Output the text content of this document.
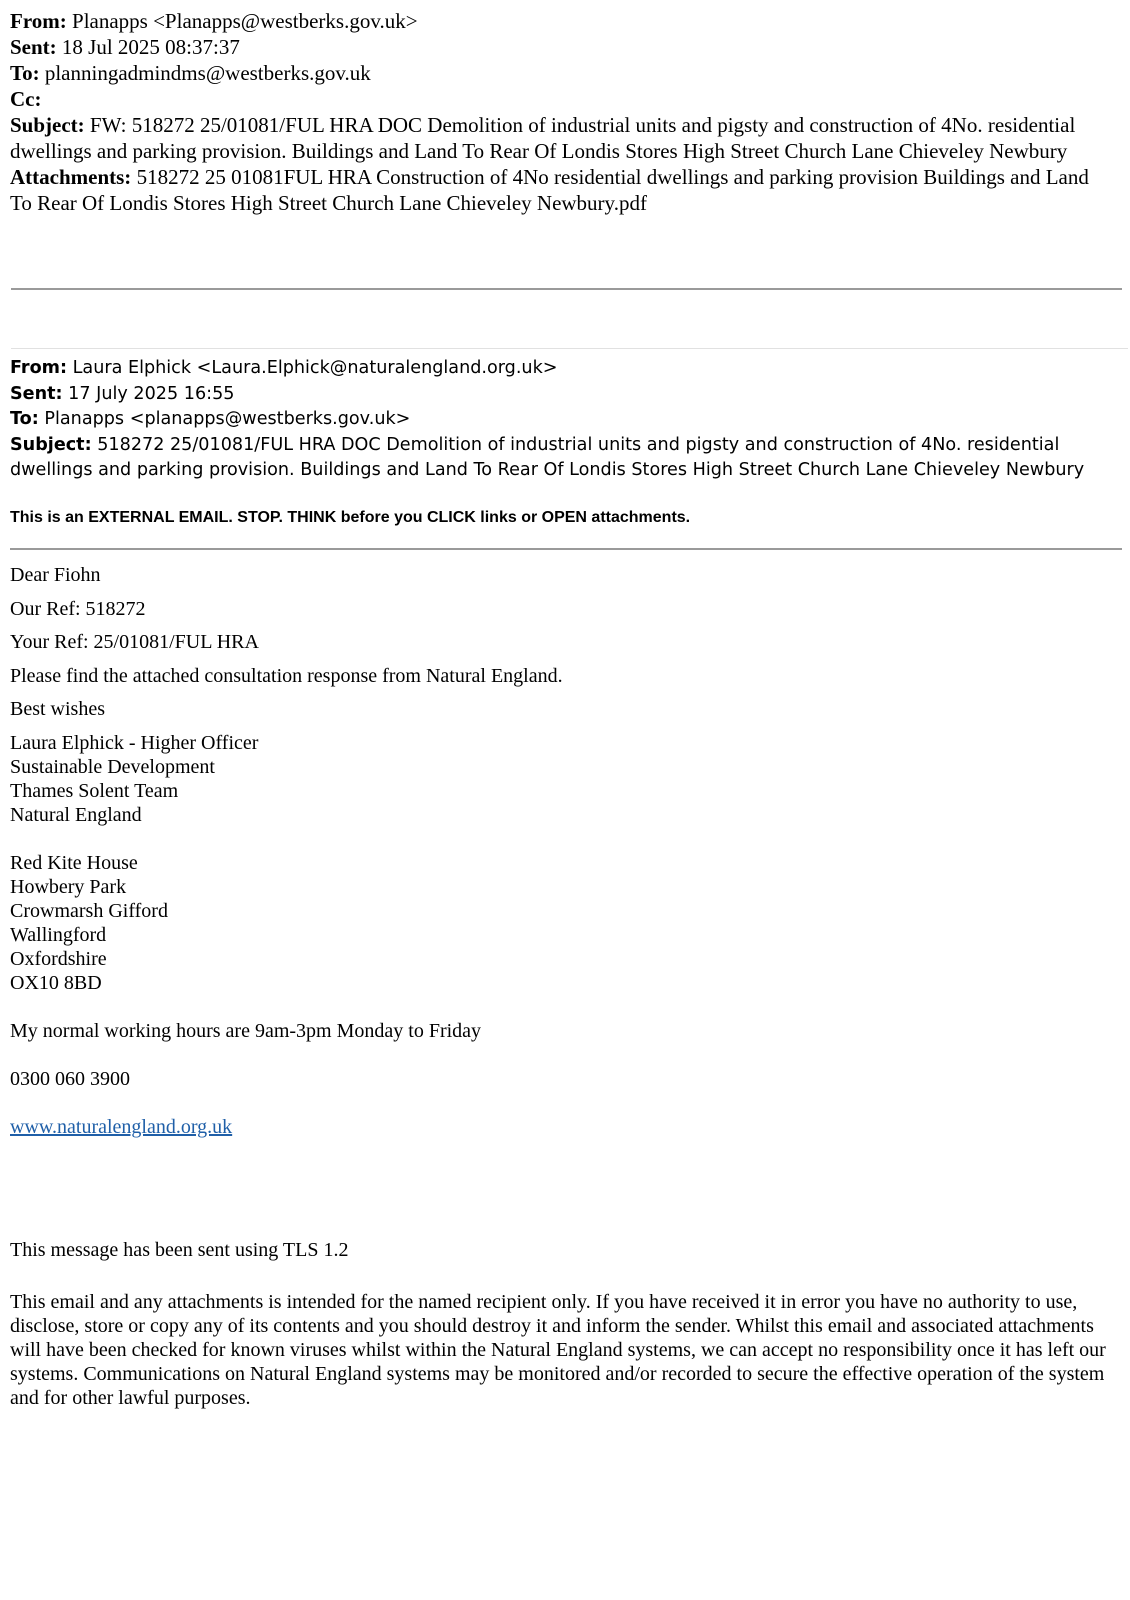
From: Planapps <Planapps@westberks.gov.uk>

Sent: 18 Jul 2025 08:37:37

To: planningadmindms@westberks.gov.uk

Cc:

Subject: FW: 518272 25/01081/FUL HRA DOC Demolition of industrial units and pigsty and construction of 4No. residential dwellings and parking provision. Buildings and Land To Rear Of Londis Stores High Street Church Lane Chieveley Newbury

Attachments: 518272 25 01081FUL HRA Construction of 4No residential dwellings and parking provision Buildings and Land To Rear Of Londis Stores High Street Church Lane Chieveley Newbury.pdf

From: Laura Elphick <Laura.Elphick@naturalengland.org.uk>

Sent: 17 July 2025 16:55

To: Planapps <planapps@westberks.gov.uk>

Subject: 518272 25/01081/FUL HRA DOC Demolition of industrial units and pigsty and construction of 4No. residential dwellings and parking provision. Buildings and Land To Rear Of Londis Stores High Street Church Lane Chieveley Newbury

This is an EXTERNAL EMAIL. STOP. THINK before you CLICK links or OPEN attachments.

Dear Fiohn

Our Ref: 518272

Your Ref: 25/01081/FUL HRA

Please find the attached consultation response from Natural England.

Best wishes

Laura Elphick - Higher Officer
Sustainable Development
Thames Solent Team
Natural England
Red Kite House
Howbery Park
Crowmarsh Gifford
Wallingford
Oxfordshire
OX10 8BD
My normal working hours are 9am-3pm Monday to Friday
0300 060 3900
www.naturalengland.org.uk
This message has been sent using TLS 1.2
This email and any attachments is intended for the named recipient only. If you have received it in error you have no authority to use, disclose, store or copy any of its contents and you should destroy it and inform the sender. Whilst this email and associated attachments will have been checked for known viruses whilst within the Natural England systems, we can accept no responsibility once it has left our systems. Communications on Natural England systems may be monitored and/or recorded to secure the effective operation of the system and for other lawful purposes.
